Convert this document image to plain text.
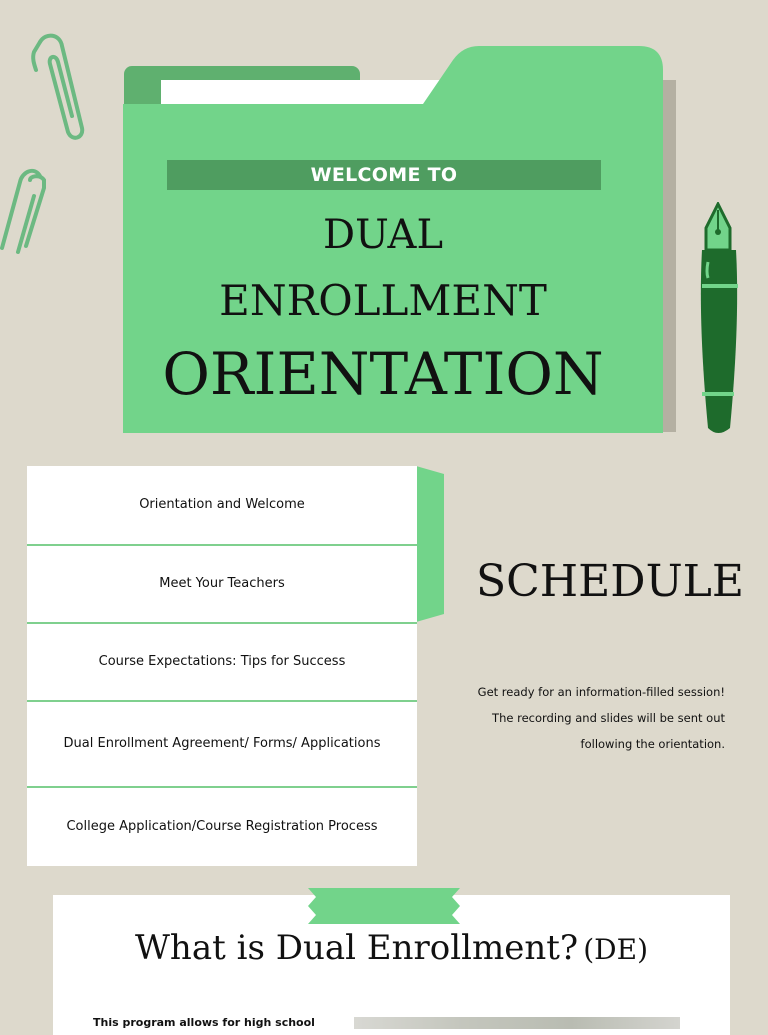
WELCOME TO
DUAL
ENROLLMENT
ORIENTATION
Orientation and Welcome
Meet Your Teachers
Course Expectations: Tips for Success
Dual Enrollment Agreement/ Forms/ Applications
College Application/Course Registration Process
SCHEDULE
Get ready for an information-filled session!
The recording and slides will be sent out
following the orientation.
What is Dual Enrollment? (DE)
This program allows for high school
